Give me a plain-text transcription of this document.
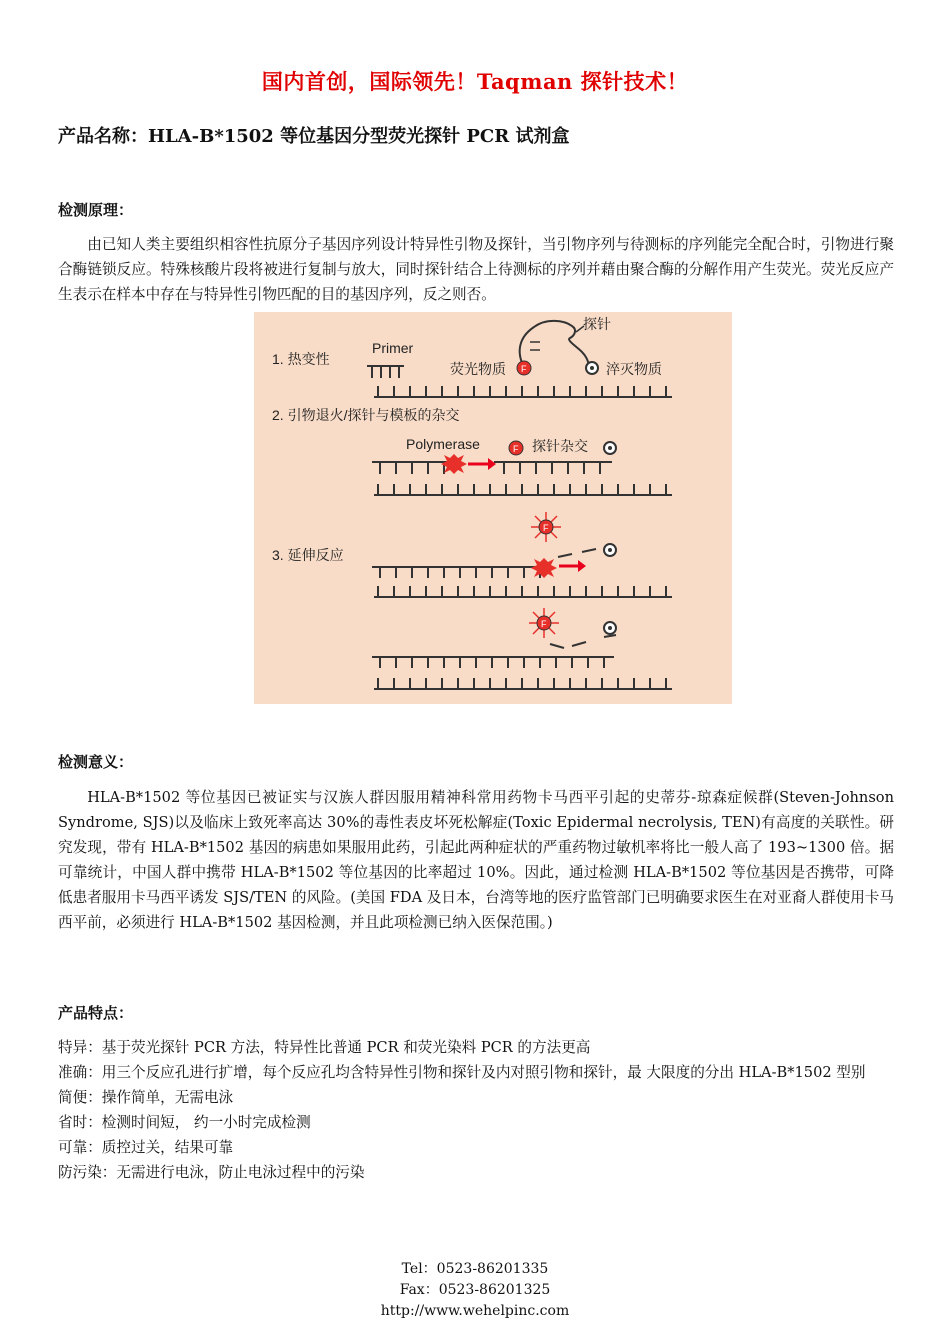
国内首创，国际领先！Taqman 探针技术！
产品名称：HLA-B*1502 等位基因分型荧光探针 PCR 试剂盒
检测原理：
由已知人类主要组织相容性抗原分子基因序列设计特异性引物及探针，当引物序列与待测标的序列能完全配合时，引物进行聚合酶链锁反应。特殊核酸片段将被进行复制与放大，同时探针结合上待测标的序列并藉由聚合酶的分解作用产生荧光。荧光反应产生表示在样本中存在与特异性引物匹配的目的基因序列，反之则否。
1. 热变性
Primer
探针
荧光物质	淬灭物质
2. 引物退火/探针与模板的杂交
Polymerase	探针杂交
3. 延伸反应
F
F
F
F
检测意义：
HLA-B*1502 等位基因已被证实与汉族人群因服用精神科常用药物卡马西平引起的史蒂芬-琼森症候群(Steven-Johnson Syndrome, SJS)以及临床上致死率高达 30%的毒性表皮坏死松解症(Toxic Epidermal necrolysis, TEN)有高度的关联性。研究发现，带有 HLA-B*1502 基因的病患如果服用此药，引起此两种症状的严重药物过敏机率将比一般人高了 193~1300 倍。据可靠统计，中国人群中携带 HLA-B*1502 等位基因的比率超过 10%。因此，通过检测 HLA-B*1502 等位基因是否携带，可降低患者服用卡马西平诱发 SJS/TEN 的风险。(美国 FDA 及日本，台湾等地的医疗监管部门已明确要求医生在对亚裔人群使用卡马西平前，必须进行 HLA-B*1502 基因检测，并且此项检测已纳入医保范围。)
产品特点：
特异： 基于荧光探针 PCR 方法，特异性比普通 PCR 和荧光染料 PCR 的方法更高
准确： 用三个反应孔进行扩增，每个反应孔均含特异性引物和探针及内对照引物和探针，最 大限度的分出 HLA-B*1502 型别
简便： 操作简单，无需电泳
省时： 检测时间短， 约一小时完成检测
可靠： 质控过关，结果可靠
防污染： 无需进行电泳，防止电泳过程中的污染
Tel：0523-86201335
Fax：0523-86201325
http://www.wehelpinc.com
